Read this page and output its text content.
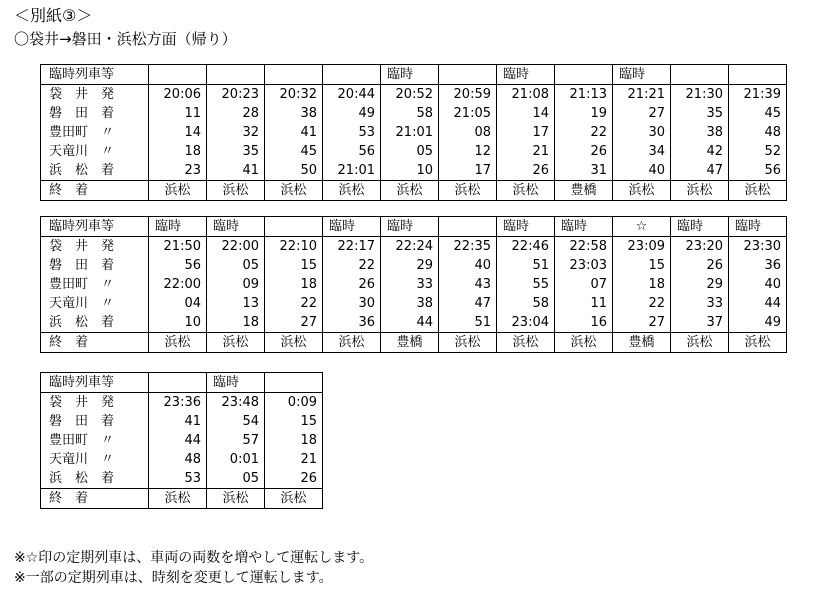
＜別紙③＞
〇袋井→磐田・浜松方面（帰り）
臨時列車等					臨時		臨時		臨時		
袋　井　発	20:06	20:23	20:32	20:44	20:52	20:59	21:08	21:13	21:21	21:30	21:39
磐　田　着	11	28	38	49	58	21:05	14	19	27	35	45
豊田町　〃	14	32	41	53	21:01	08	17	22	30	38	48
天竜川　〃	18	35	45	56	05	12	21	26	34	42	52
浜　松　着	23	41	50	21:01	10	17	26	31	40	47	56
終　着	浜松	浜松	浜松	浜松	浜松	浜松	浜松	豊橋	浜松	浜松	浜松
臨時列車等	臨時	臨時		臨時	臨時		臨時	臨時	☆	臨時	臨時
袋　井　発	21:50	22:00	22:10	22:17	22:24	22:35	22:46	22:58	23:09	23:20	23:30
磐　田　着	56	05	15	22	29	40	51	23:03	15	26	36
豊田町　〃	22:00	09	18	26	33	43	55	07	18	29	40
天竜川　〃	04	13	22	30	38	47	58	11	22	33	44
浜　松　着	10	18	27	36	44	51	23:04	16	27	37	49
終　着	浜松	浜松	浜松	浜松	豊橋	浜松	浜松	浜松	豊橋	浜松	浜松
臨時列車等		臨時	
袋　井　発	23:36	23:48	0:09
磐　田　着	41	54	15
豊田町　〃	44	57	18
天竜川　〃	48	0:01	21
浜　松　着	53	05	26
終　着	浜松	浜松	浜松
※☆印の定期列車は、車両の両数を増やして運転します。
※一部の定期列車は、時刻を変更して運転します。
